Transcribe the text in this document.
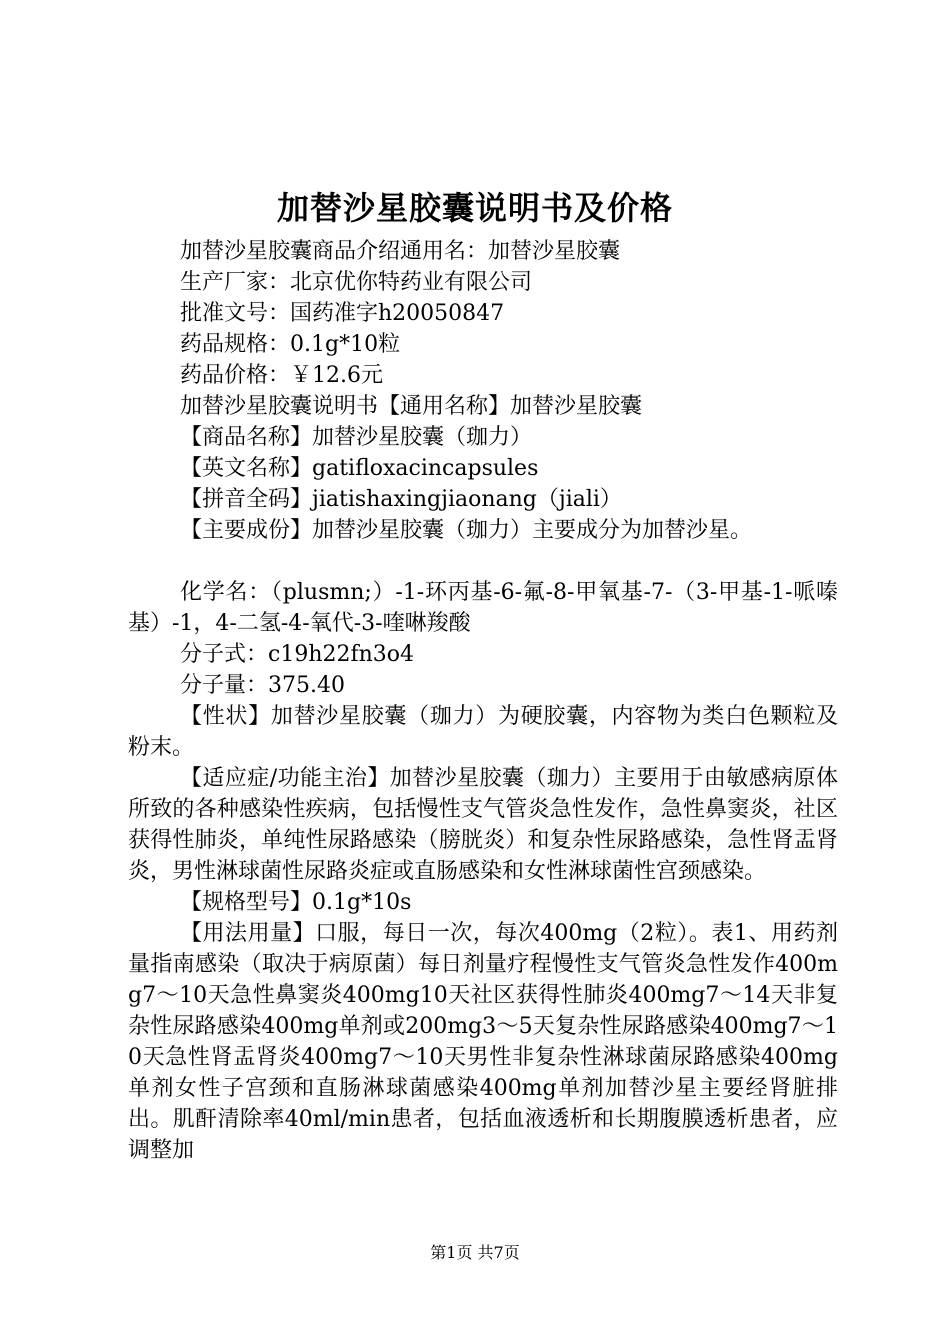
加替沙星胶囊说明书及价格

加替沙星胶囊商品介绍通用名：加替沙星胶囊

生产厂家：北京优你特药业有限公司

批准文号：国药准字h20050847

药品规格：0.1g*10粒

药品价格：￥12.6元

加替沙星胶囊说明书【通用名称】加替沙星胶囊

【商品名称】加替沙星胶囊（珈力）

【英文名称】gatifloxacincapsules

【拼音全码】jiatishaxingjiaonang（jiali）

【主要成份】加替沙星胶囊（珈力）主要成分为加替沙星。

化学名：（plusmn;）-1-环丙基-6-氟-8-甲氧基-7-（3-甲基-1-哌嗪基）-1，4-二氢-4-氧代-3-喹啉羧酸

分子式：c19h22fn3o4

分子量：375.40

【性状】加替沙星胶囊（珈力）为硬胶囊，内容物为类白色颗粒及粉末。

【适应症/功能主治】加替沙星胶囊（珈力）主要用于由敏感病原体所致的各种感染性疾病，包括慢性支气管炎急性发作，急性鼻窦炎，社区获得性肺炎，单纯性尿路感染（膀胱炎）和复杂性尿路感染，急性肾盂肾炎，男性淋球菌性尿路炎症或直肠感染和女性淋球菌性宫颈感染。

【规格型号】0.1g*10s

【用法用量】口服，每日一次，每次400mg（2粒）。表1、用药剂量指南感染（取决于病原菌）每日剂量疗程慢性支气管炎急性发作400mg7～10天急性鼻窦炎400mg10天社区获得性肺炎400mg7～14天非复杂性尿路感染400mg单剂或200mg3～5天复杂性尿路感染400mg7～10天急性肾盂肾炎400mg7～10天男性非复杂性淋球菌尿路感染400mg单剂女性子宫颈和直肠淋球菌感染400mg单剂加替沙星主要经肾脏排出。肌酐清除率40ml/min患者，包括血液透析和长期腹膜透析患者，应调整加

第1页 共7页
